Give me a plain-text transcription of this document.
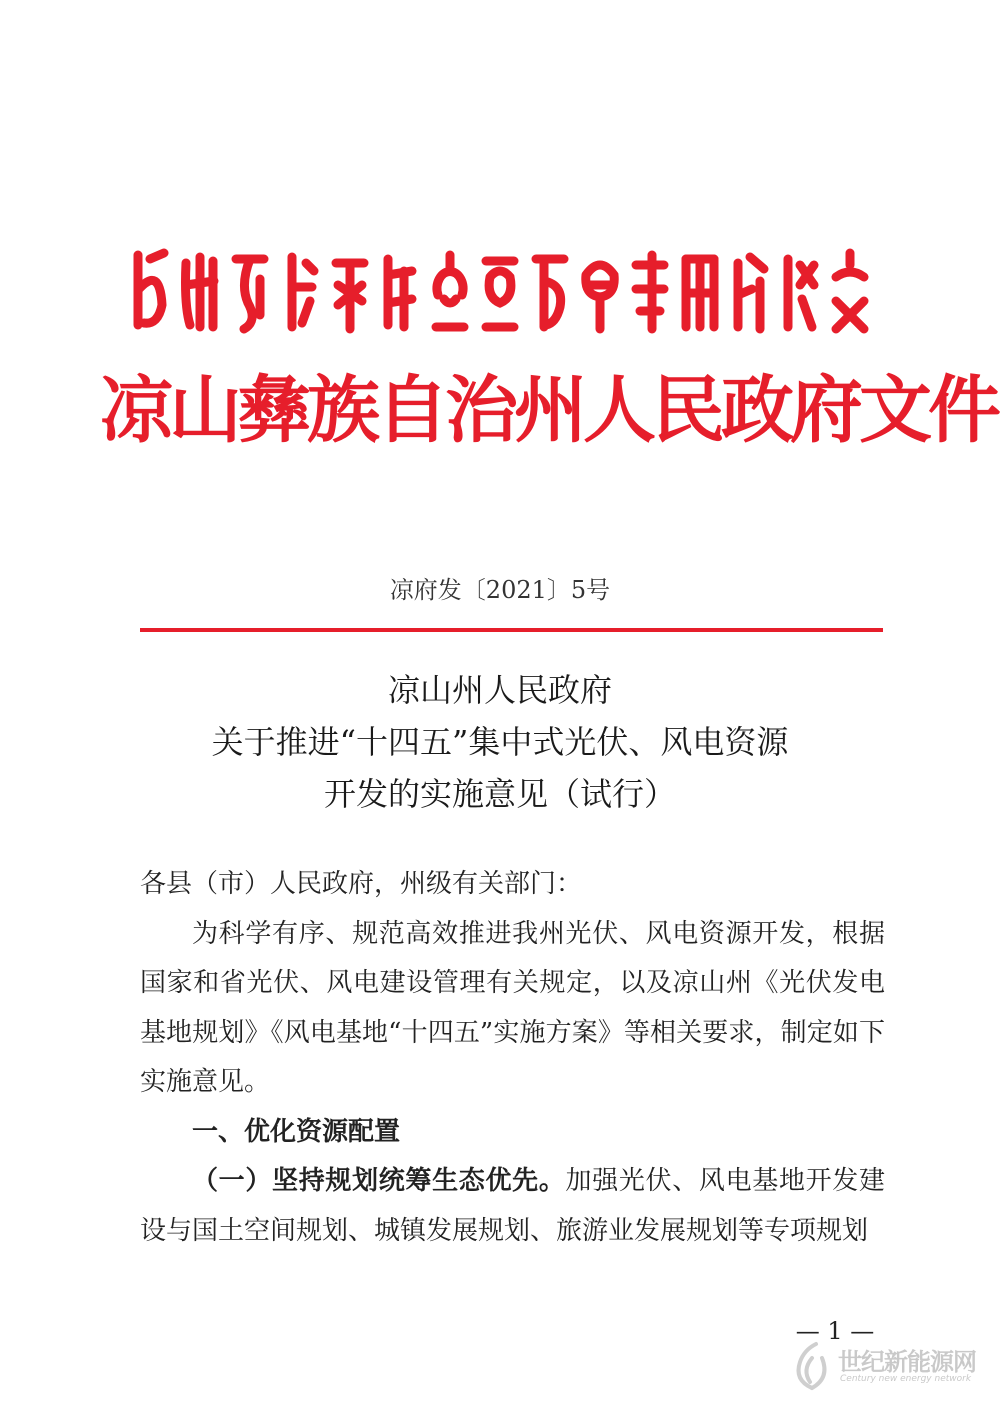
凉山彝族自治州人民政府文件
凉府发〔2021〕5号
凉山州人民政府
关于推进“十四五”集中式光伏、风电资源
开发的实施意见（试行）

各县（市）人民政府，州级有关部门：

为科学有序、规范高效推进我州光伏、风电资源开发，根据国家和省光伏、风电建设管理有关规定，以及凉山州《光伏发电基地规划》《风电基地“十四五”实施方案》等相关要求，制定如下实施意见。

一、优化资源配置

（一）坚持规划统筹生态优先。加强光伏、风电基地开发建设与国土空间规划、城镇发展规划、旅游业发展规划等专项规划

— 1 —
世纪新能源网
Century new energy network
